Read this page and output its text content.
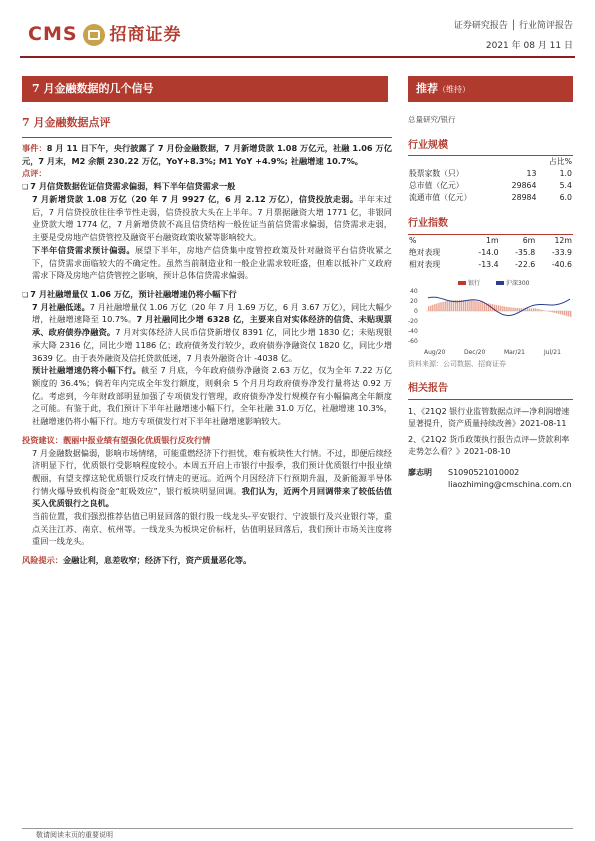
CMS 招商证券	证券研究报告 │ 行业简评报告
2021 年 08 月 11 日
7 月金融数据的几个信号	推荐（维持）
7 月金融数据点评

事件：8 月 11 日下午，央行披露了 7 月份金融数据，7 月新增贷款 1.08 万亿元，社融 1.06 万亿元，7 月末，M2 余额 230.22 万亿，YoY+8.3%; M1 YoY +4.9%; 社融增速 10.7%。

点评：

❏ 7 月信贷数据佐证信贷需求偏弱，料下半年信贷需求一般

7 月新增贷款 1.08 万亿（20 年 7 月 9927 亿，6 月 2.12 万亿），信贷投放走弱。半年末过后，7 月信贷投放往往季节性走弱，信贷投放大头在上半年。7 月票据融资大增 1771 亿，非银同业贷款大增 1774 亿，7 月新增贷款不高且信贷结构一般佐证当前信贷需求偏弱，信贷需求走弱，主要是受房地产信贷管控及融资平台融资政策收紧等影响较大。

下半年信贷需求预计偏弱。展望下半年，房地产信贷集中度管控政策及针对融资平台信贷收紧之下，信贷需求面临较大的不确定性。虽然当前制造业和一般企业需求较旺盛，但难以抵补广义政府需求下降及房地产信贷管控之影响，预计总体信贷需求偏弱。

❏ 7 月社融增量仅 1.06 万亿，预计社融增速仍将小幅下行

7 月社融低迷。7 月社融增量仅 1.06 万亿（20 年 7 月 1.69 万亿，6 月 3.67 万亿），同比大幅少增，社融增速降至 10.7%。7 月社融同比少增 6328 亿，主要来自对实体经济的信贷、未贴现票承、政府债券净融资。7 月对实体经济人民币信贷新增仅 8391 亿，同比少增 1830 亿；未贴现银承大降 2316 亿，同比少增 1186 亿；政府债务发行较少，政府债券净融资仅 1820 亿，同比少增 3639 亿。由于表外融资及信托贷款低迷，7 月表外融资合计 -4038 亿。

预计社融增速仍将小幅下行。截至 7 月底，今年政府债券净融资 2.63 万亿，仅为全年 7.22 万亿额度的 36.4%；倘若年内完成全年发行额度，则剩余 5 个月月均政府债券净发行量将达 0.92 万亿。考虑到，今年财政部明显加强了专项债发行管理，政府债券净发行规模存有小幅偏离全年额度之可能。有鉴于此，我们预计下半年社融增速小幅下行，全年社融 31.0 万亿，社融增速 10.3%，社融增速仍将小幅下行。地方专项债发行对下半年社融增速影响较大。

投资建议：靓丽中报业绩有望强化优质银行反攻行情

7 月金融数据偏弱，影响市场情绪，可能重燃经济下行担忧，难有板块性大行情。不过，即便后续经济明显下行，优质银行受影响程度较小。本周五开启上市银行中报季，我们预计优质银行中报业绩靓丽，有望支撑这轮优质银行反攻行情走的更远。近两个月因经济下行预期升温，及新能源半导体行情火爆导致机构资金“虹吸效应”，银行板块明显回调。我们认为，近两个月回调带来了较低估值买入优质银行之良机。

当前位置，我们强烈推荐估值已明显回落的银行股一线龙头-平安银行、宁波银行及兴业银行等，重点关注江苏、南京、杭州等。一线龙头为板块定价标杆，估值明显回落后，我们预计市场关注度将重回一线龙头。

风险提示：金融让利，息差收窄；经济下行，资产质量恶化等。

总量研究/银行
行业规模
		占比%
股票家数（只）	13	1.0
总市值（亿元）	29864	5.4
流通市值（亿元）	28984	6.0
行业指数
%	1m	6m	12m
绝对表现	-14.0	-35.8	-33.9
相对表现	-13.4	-22.6	-40.6
40
20
0
-20
-40
-60
Aug/20	Dec/20	Mar/21	Jul/21
银行	沪深300
资料来源：公司数据、招商证券
相关报告
1、《21Q2 银行业监管数据点评—净利润增速显著提升，资产质量持续改善》2021-08-11
2、《21Q2 货币政策执行报告点评—贷款利率走势怎么看？》2021-08-10
廖志明 S1090521010002
liaozhiming@cmschina.com.cn
敬请阅读末页的重要说明
